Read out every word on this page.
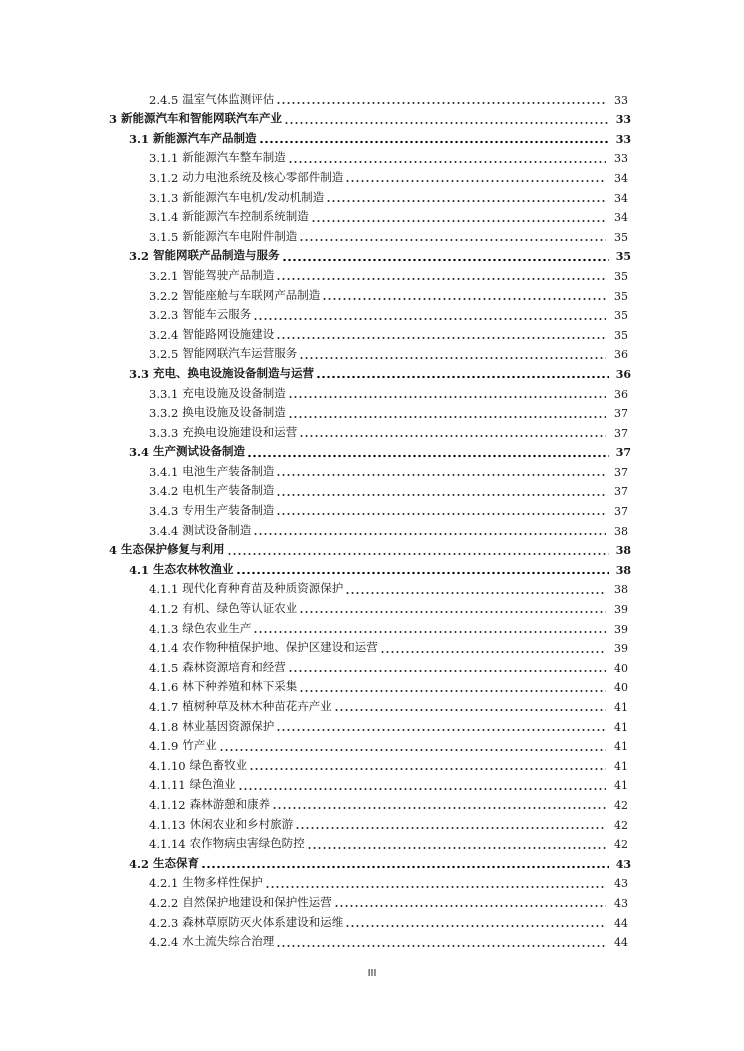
2.4.5 温室气体监测评估	33
3 新能源汽车和智能网联汽车产业	33
3.1 新能源汽车产品制造	33
3.1.1 新能源汽车整车制造	33
3.1.2 动力电池系统及核心零部件制造	34
3.1.3 新能源汽车电机/发动机制造	34
3.1.4 新能源汽车控制系统制造	34
3.1.5 新能源汽车电附件制造	35
3.2 智能网联产品制造与服务	35
3.2.1 智能驾驶产品制造	35
3.2.2 智能座舱与车联网产品制造	35
3.2.3 智能车云服务	35
3.2.4 智能路网设施建设	35
3.2.5 智能网联汽车运营服务	36
3.3 充电、换电设施设备制造与运营	36
3.3.1 充电设施及设备制造	36
3.3.2 换电设施及设备制造	37
3.3.3 充换电设施建设和运营	37
3.4 生产测试设备制造	37
3.4.1 电池生产装备制造	37
3.4.2 电机生产装备制造	37
3.4.3 专用生产装备制造	37
3.4.4 测试设备制造	38
4 生态保护修复与利用	38
4.1 生态农林牧渔业	38
4.1.1 现代化育种育苗及种质资源保护	38
4.1.2 有机、绿色等认证农业	39
4.1.3 绿色农业生产	39
4.1.4 农作物种植保护地、保护区建设和运营	39
4.1.5 森林资源培育和经营	40
4.1.6 林下种养殖和林下采集	40
4.1.7 植树种草及林木种苗花卉产业	41
4.1.8 林业基因资源保护	41
4.1.9 竹产业	41
4.1.10 绿色畜牧业	41
4.1.11 绿色渔业	41
4.1.12 森林游憩和康养	42
4.1.13 休闲农业和乡村旅游	42
4.1.14 农作物病虫害绿色防控	42
4.2 生态保育	43
4.2.1 生物多样性保护	43
4.2.2 自然保护地建设和保护性运营	43
4.2.3 森林草原防灭火体系建设和运维	44
4.2.4 水土流失综合治理	44
III
